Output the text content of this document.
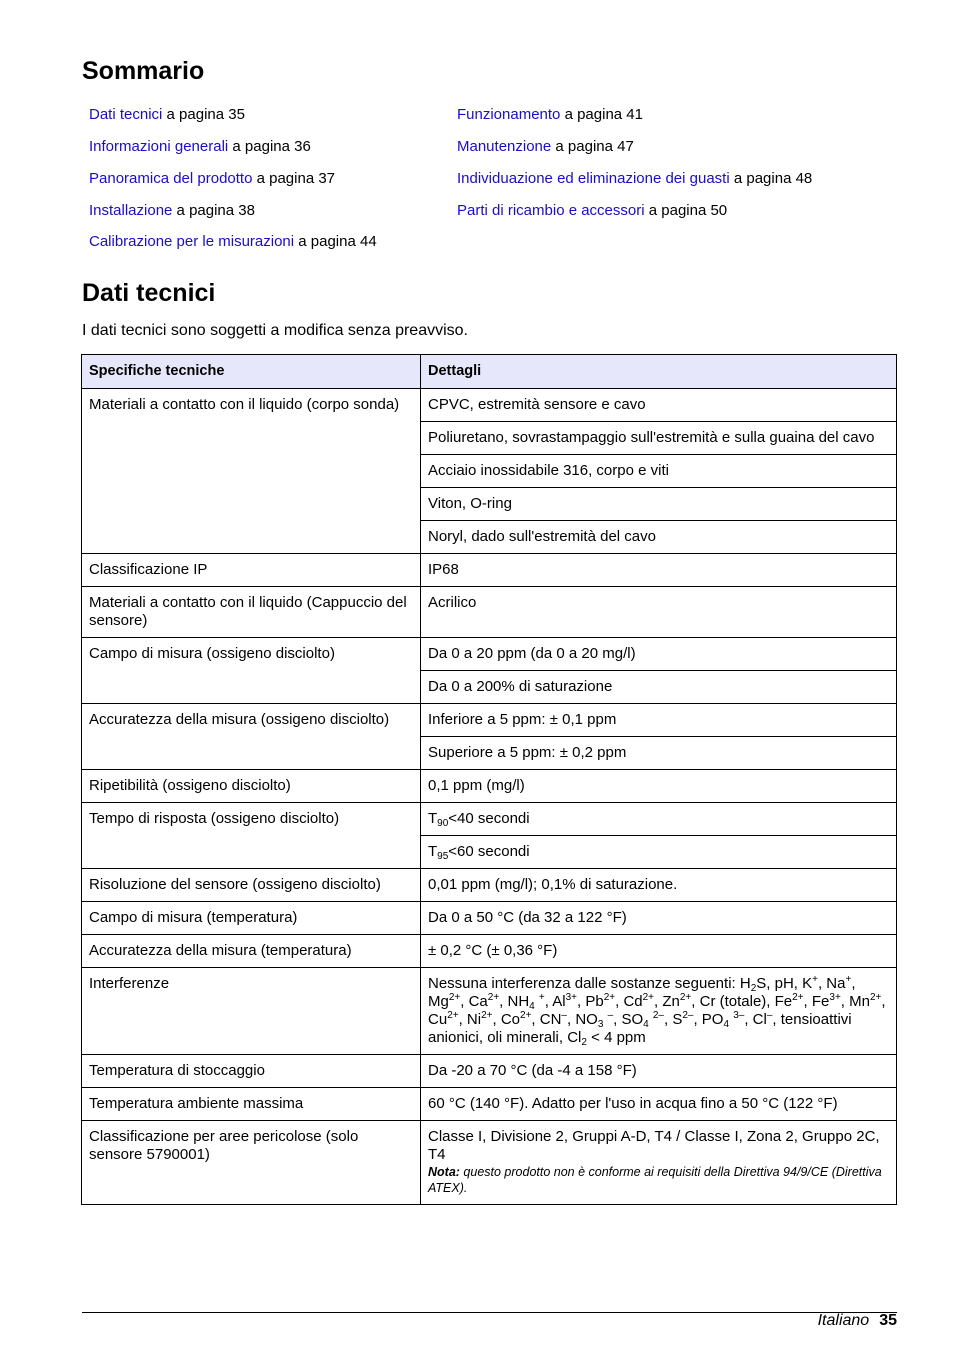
Sommario
Dati tecnici a pagina 35
Informazioni generali a pagina 36
Panoramica del prodotto a pagina 37
Installazione a pagina 38
Calibrazione per le misurazioni a pagina 44
Funzionamento a pagina 41
Manutenzione a pagina 47
Individuazione ed eliminazione dei guasti a pagina 48
Parti di ricambio e accessori a pagina 50
Dati tecnici
I dati tecnici sono soggetti a modifica senza preavviso.
Specifiche tecniche	Dettagli
Materiali a contatto con il liquido (corpo sonda)	CPVC, estremità sensore e cavo
	Poliuretano, sovrastampaggio sull'estremità e sulla guaina del cavo
	Acciaio inossidabile 316, corpo e viti
	Viton, O-ring
	Noryl, dado sull'estremità del cavo
Classificazione IP	IP68
Materiali a contatto con il liquido (Cappuccio del sensore)	Acrilico
Campo di misura (ossigeno disciolto)	Da 0 a 20 ppm (da 0 a 20 mg/l)
	Da 0 a 200% di saturazione
Accuratezza della misura (ossigeno disciolto)	Inferiore a 5 ppm: ± 0,1 ppm
	Superiore a 5 ppm: ± 0,2 ppm
Ripetibilità (ossigeno disciolto)	0,1 ppm (mg/l)
Tempo di risposta (ossigeno disciolto)	$T_{90}<40$ secondi
	$T_{95}<60$ secondi
Risoluzione del sensore (ossigeno disciolto)	0,01 ppm (mg/l); 0,1% di saturazione.
Campo di misura (temperatura)	Da 0 a 50 °C (da 32 a 122 °F)
Accuratezza della misura (temperatura)	± 0,2 °C (± 0,36 °F)
Interferenze	Nessuna interferenza dalle sostanze seguenti: $H_2S$, pH, K+, Na+, $Mg^{2+}$, $Ca^{2+}$, $NH_4$ +, $Al^{3+}$, $Pb^{2+}$, $Cd^{2+}$, $Zn^{2+}$, Cr (totale), $Fe^{2+}$, $Fe^{3+}$, $Mn^{2+}$, $Cu^{2+}$, $Ni^{2+}$, $Co^{2+}$, CN–, $NO_3$ –, $SO_4$ $^{2-}$, $S^{2-}$, $PO_4$ $^{3-}$, Cl–, tensioattivi anionici, oli minerali, $Cl_2 < 4$ ppm
Temperatura di stoccaggio	Da -20 a 70 °C (da -4 a 158 °F)
Temperatura ambiente massima	60 °C (140 °F). Adatto per l'uso in acqua fino a 50 °C (122 °F)
Classificazione per aree pericolose (solo sensore 5790001)	Classe I, Divisione 2, Gruppi A-D, T4 / Classe I, Zona 2, Gruppo 2C, T4
Nota: questo prodotto non è conforme ai requisiti della Direttiva 94/9/CE (Direttiva ATEX).
Italiano 35
